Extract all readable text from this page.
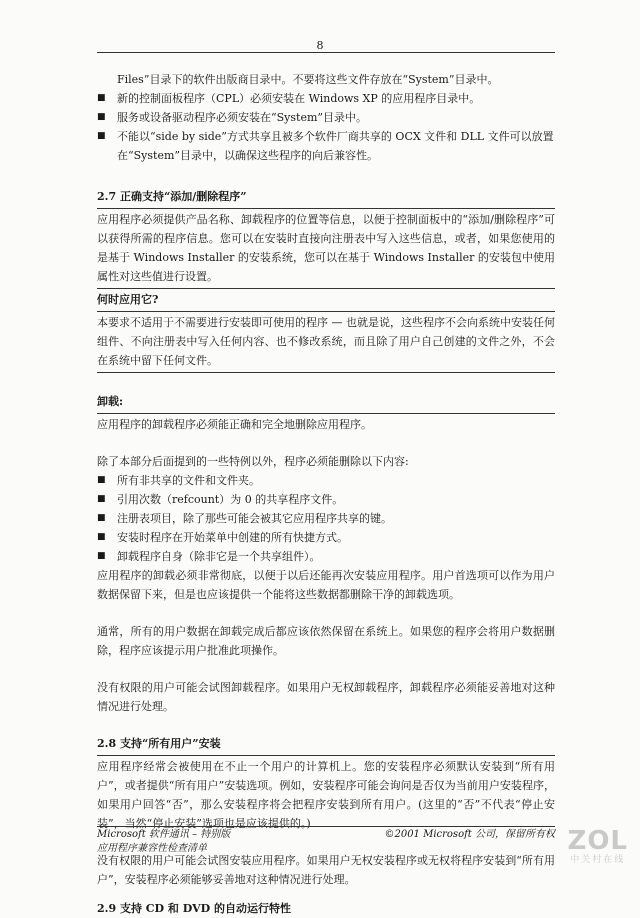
8

Files”目录下的软件出版商目录中。不要将这些文件存放在“System”目录中。

■ 新的控制面板程序（CPL）必须安装在 Windows XP 的应用程序目录中。
■ 服务或设备驱动程序必须安装在“System”目录中。
■ 不能以“side by side”方式共享且被多个软件厂商共享的 OCX 文件和 DLL 文件可以放置在“System”目录中，以确保这些程序的向后兼容性。

2.7 正确支持“添加/删除程序”

应用程序必须提供产品名称、卸载程序的位置等信息，以便于控制面板中的“添加/删除程序”可以获得所需的程序信息。您可以在安装时直接向注册表中写入这些信息，或者，如果您使用的是基于 Windows Installer 的安装系统，您可以在基于 Windows Installer 的安装包中使用属性对这些值进行设置。

何时应用它?

本要求不适用于不需要进行安装即可使用的程序 — 也就是说，这些程序不会向系统中安装任何组件、不向注册表中写入任何内容、也不修改系统，而且除了用户自己创建的文件之外，不会在系统中留下任何文件。

卸载:

应用程序的卸载程序必须能正确和完全地删除应用程序。

除了本部分后面提到的一些特例以外，程序必须能删除以下内容:

■ 所有非共享的文件和文件夹。
■ 引用次数（refcount）为 0 的共享程序文件。
■ 注册表项目，除了那些可能会被其它应用程序共享的键。
■ 安装时程序在开始菜单中创建的所有快捷方式。
■ 卸载程序自身（除非它是一个共享组件）。

应用程序的卸载必须非常彻底，以便于以后还能再次安装应用程序。用户首选项可以作为用户数据保留下来，但是也应该提供一个能将这些数据都删除干净的卸载选项。

通常，所有的用户数据在卸载完成后都应该依然保留在系统上。如果您的程序会将用户数据删除，程序应该提示用户批准此项操作。

没有权限的用户可能会试图卸载程序。如果用户无权卸载程序，卸载程序必须能妥善地对这种情况进行处理。

2.8 支持“所有用户”安装

应用程序经常会被使用在不止一个用户的计算机上。您的安装程序必须默认安装到“所有用户”，或者提供“所有用户”安装选项。例如，安装程序可能会询问是否仅为当前用户安装程序，如果用户回答“否”，那么安装程序将会把程序安装到所有用户。(这里的“否”不代表“停止安装”，当然“停止安装”选项也是应该提供的。)

没有权限的用户可能会试图安装应用程序。如果用户无权安装程序或无权将程序安装到“所有用户”，安装程序必须能够妥善地对这种情况进行处理。

2.9 支持 CD 和 DVD 的自动运行特性

Microsoft 软件通讯 – 特别版
应用程序兼容性检查清单
©2001 Microsoft 公司，保留所有权 ZOL
中关村在线
